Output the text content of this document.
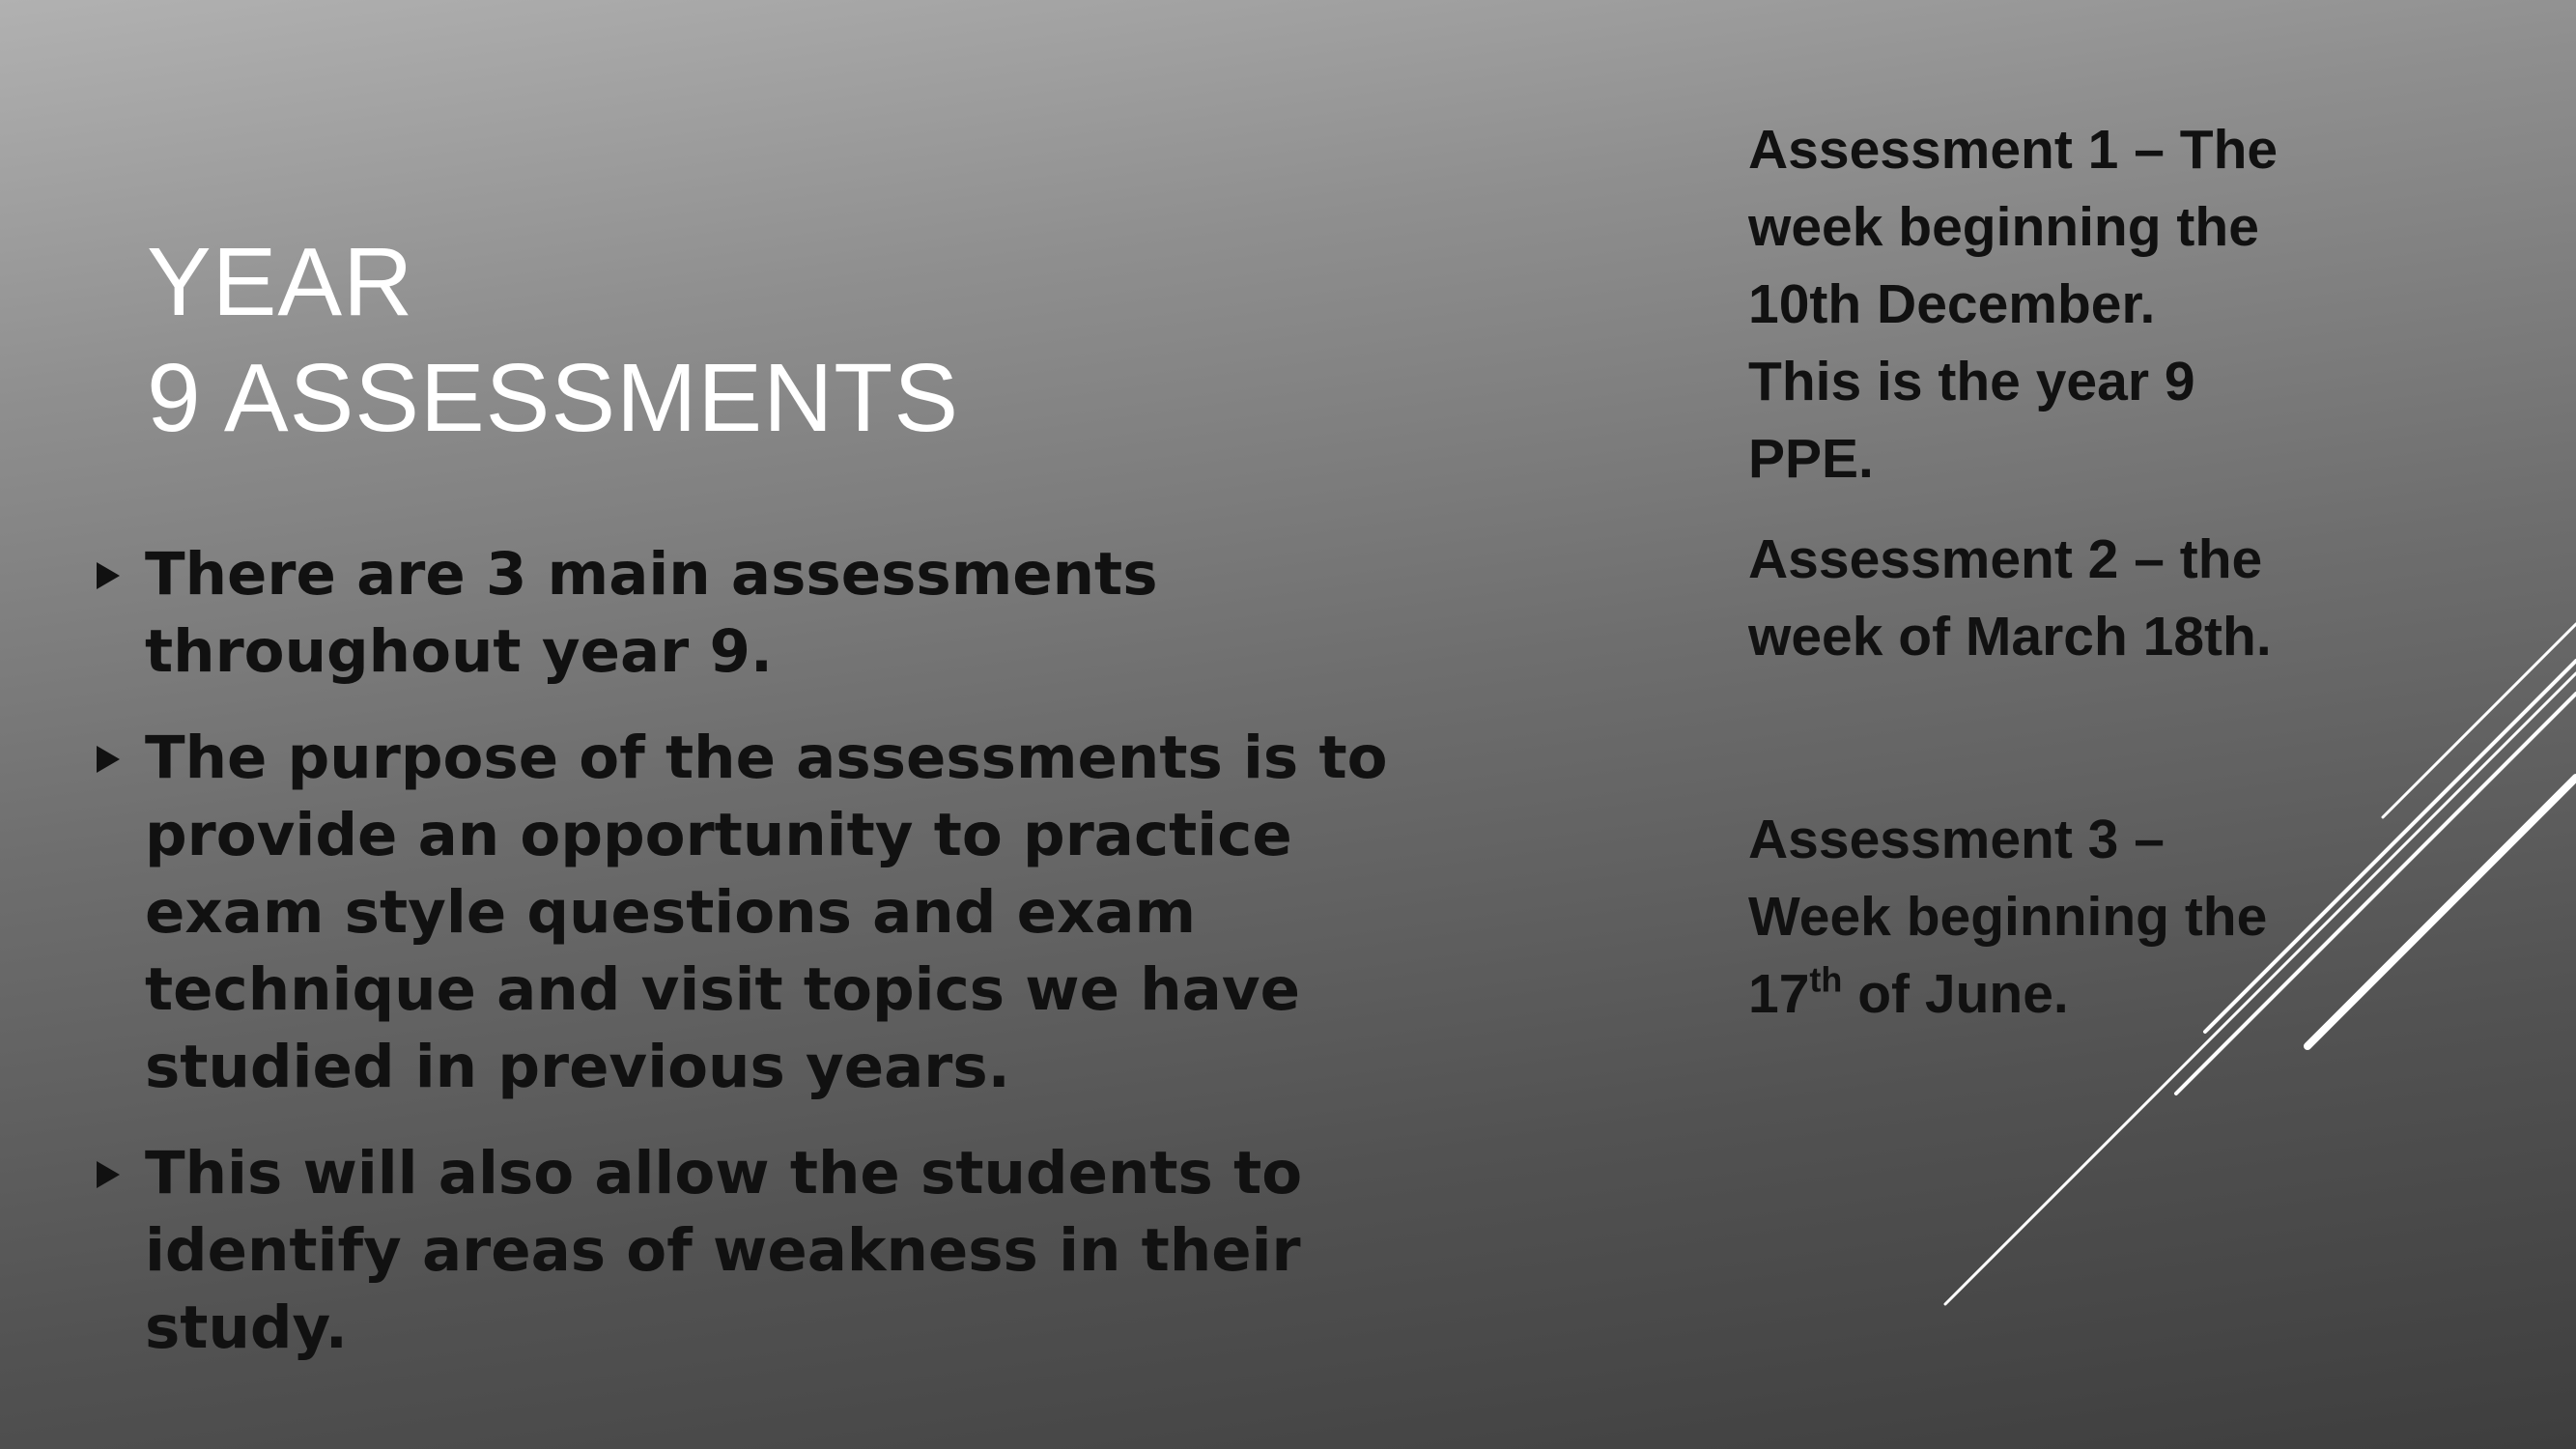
YEAR
9 ASSESSMENTS
There are 3 main assessments throughout year 9.
The purpose of the assessments is to provide an opportunity to practice exam style questions and exam technique and visit topics we have studied in previous years.
This will also allow the students to identify areas of weakness in their study.
Assessment 1 – The week beginning the 10th December.
This is the year 9 PPE.
Assessment 2 – the week of March 18th.
Assessment 3 – Week beginning the 17th of June.
